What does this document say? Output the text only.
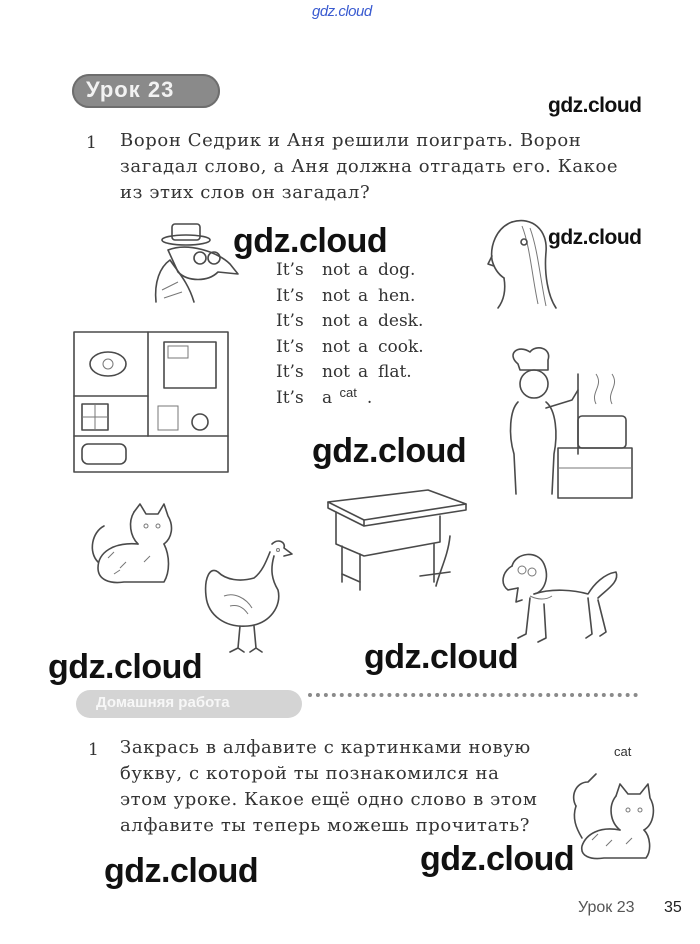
gdz.cloud
Урок 23
gdz.cloud
1 Ворон Седрик и Аня решили поиграть. Ворон
загадал слово, а Аня должна отгадать его. Какое
из этих слов он загадал?
gdz.cloud	gdz.cloud
It’s not a dog.
It’s not a hen.
It’s not a desk.
It’s not a cook.
It’s not a flat.
It’s a $^{cat}$ .
gdz.cloud
gdz.cloud	gdz.cloud
Домашняя работа
1 Закрась в алфавите с картинками новую
букву, с которой ты познакомился на
этом уроке. Какое ещё одно слово в этом
алфавите ты теперь можешь прочитать?
cat
gdz.cloud	gdz.cloud
Урок 23 35
